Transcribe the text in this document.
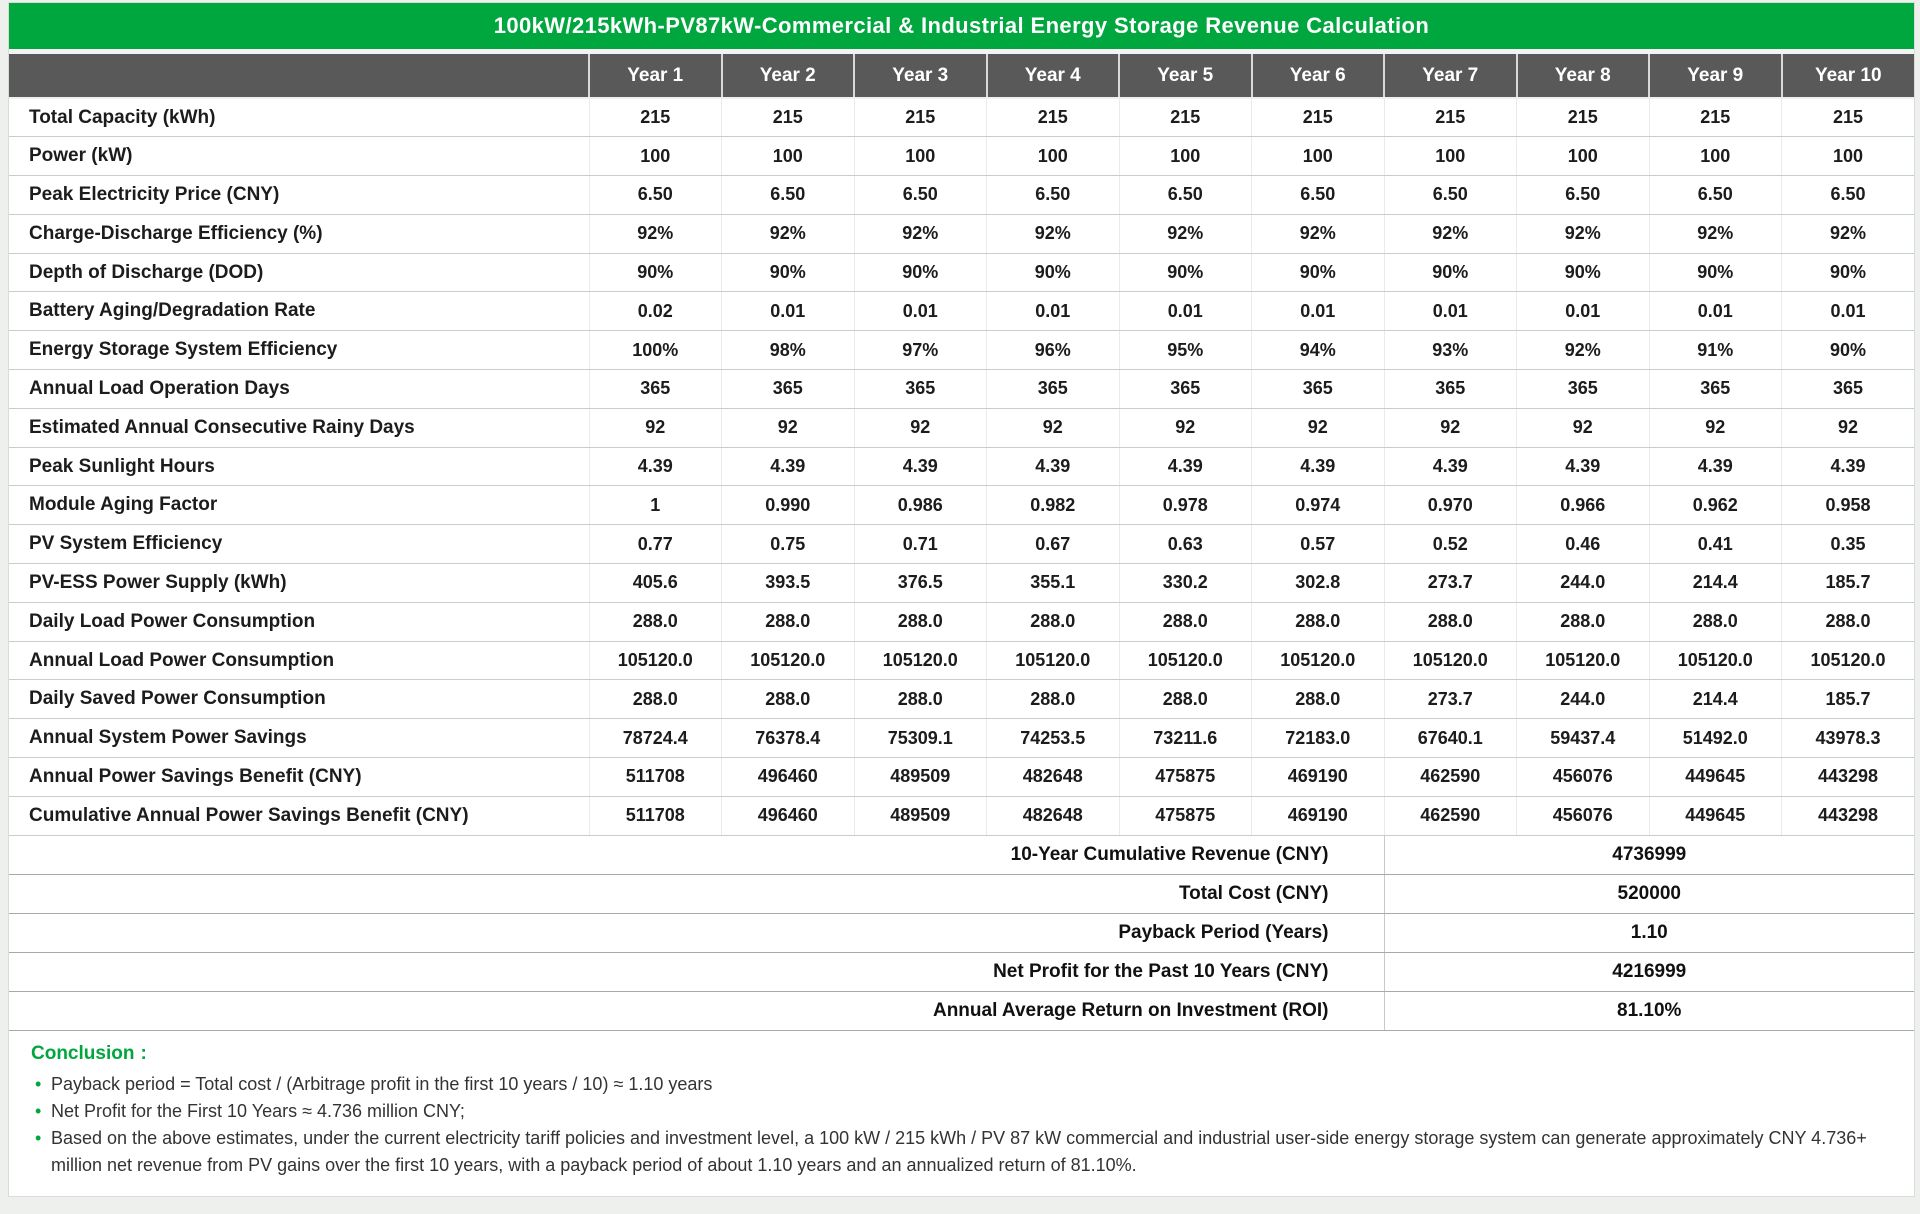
100kW/215kWh-PV87kW-Commercial & Industrial Energy Storage Revenue Calculation
	Year 1	Year 2	Year 3	Year 4	Year 5	Year 6	Year 7	Year 8	Year 9	Year 10
Total Capacity (kWh)	215	215	215	215	215	215	215	215	215	215
Power (kW)	100	100	100	100	100	100	100	100	100	100
Peak Electricity Price (CNY)	6.50	6.50	6.50	6.50	6.50	6.50	6.50	6.50	6.50	6.50
Charge-Discharge Efficiency (%)	92%	92%	92%	92%	92%	92%	92%	92%	92%	92%
Depth of Discharge (DOD)	90%	90%	90%	90%	90%	90%	90%	90%	90%	90%
Battery Aging/Degradation Rate	0.02	0.01	0.01	0.01	0.01	0.01	0.01	0.01	0.01	0.01
Energy Storage System Efficiency	100%	98%	97%	96%	95%	94%	93%	92%	91%	90%
Annual Load Operation Days	365	365	365	365	365	365	365	365	365	365
Estimated Annual Consecutive Rainy Days	92	92	92	92	92	92	92	92	92	92
Peak Sunlight Hours	4.39	4.39	4.39	4.39	4.39	4.39	4.39	4.39	4.39	4.39
Module Aging Factor	1	0.990	0.986	0.982	0.978	0.974	0.970	0.966	0.962	0.958
PV System Efficiency	0.77	0.75	0.71	0.67	0.63	0.57	0.52	0.46	0.41	0.35
PV-ESS Power Supply (kWh)	405.6	393.5	376.5	355.1	330.2	302.8	273.7	244.0	214.4	185.7
Daily Load Power Consumption	288.0	288.0	288.0	288.0	288.0	288.0	288.0	288.0	288.0	288.0
Annual Load Power Consumption	105120.0	105120.0	105120.0	105120.0	105120.0	105120.0	105120.0	105120.0	105120.0	105120.0
Daily Saved Power Consumption	288.0	288.0	288.0	288.0	288.0	288.0	273.7	244.0	214.4	185.7
Annual System Power Savings	78724.4	76378.4	75309.1	74253.5	73211.6	72183.0	67640.1	59437.4	51492.0	43978.3
Annual Power Savings Benefit (CNY)	511708	496460	489509	482648	475875	469190	462590	456076	449645	443298
Cumulative Annual Power Savings Benefit (CNY)	511708	496460	489509	482648	475875	469190	462590	456076	449645	443298
10-Year Cumulative Revenue (CNY)							4736999			
Total Cost (CNY)							520000			
Payback Period (Years)							1.10			
Net Profit for the Past 10 Years (CNY)							4216999			
Annual Average Return on Investment (ROI)							81.10%			
Conclusion :
• Payback period = Total cost / (Arbitrage profit in the first 10 years / 10) ≈ 1.10 years
• Net Profit for the First 10 Years ≈ 4.736 million CNY;
• Based on the above estimates, under the current electricity tariff policies and investment level, a 100 kW / 215 kWh / PV 87 kW commercial and industrial user-side energy storage system can generate approximately CNY 4.736+ million net revenue from PV gains over the first 10 years, with a payback period of about 1.10 years and an annualized return of 81.10%.
